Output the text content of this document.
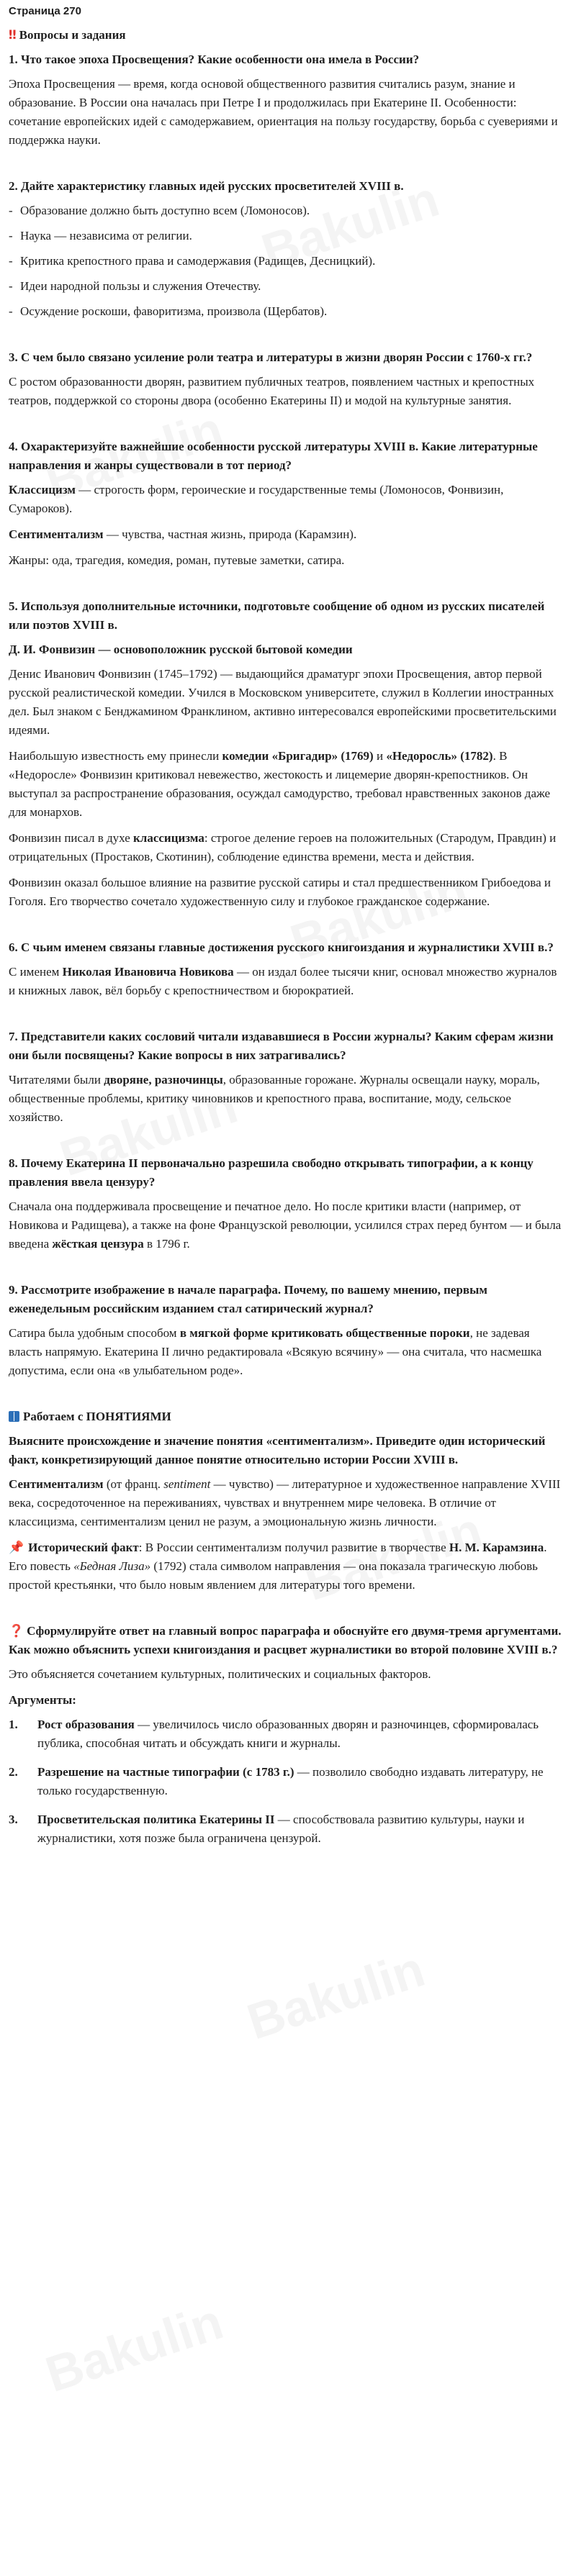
Страница 270
‼ Вопросы и задания
1. Что такое эпоха Просвещения? Какие особенности она имела в России?

Эпоха Просвещения — время, когда основой общественного развития считались разум, знание и образование. В России она началась при Петре I и продолжилась при Екатерине II. Особенности: сочетание европейских идей с самодержавием, ориентация на пользу государству, борьба с суевериями и поддержка науки.

2. Дайте характеристику главных идей русских просветителей XVIII в.
- Образование должно быть доступно всем (Ломоносов).
- Наука — независима от религии.
- Критика крепостного права и самодержавия (Радищев, Десницкий).
- Идеи народной пользы и служения Отечеству.
- Осуждение роскоши, фаворитизма, произвола (Щербатов).
3. С чем было связано усиление роли театра и литературы в жизни дворян России с 1760-х гг.?

С ростом образованности дворян, развитием публичных театров, появлением частных и крепостных театров, поддержкой со стороны двора (особенно Екатерины II) и модой на культурные занятия.

4. Охарактеризуйте важнейшие особенности русской литературы XVIII в. Какие литературные направления и жанры существовали в тот период?

Классицизм — строгость форм, героические и государственные темы (Ломоносов, Фонвизин, Сумароков).

Сентиментализм — чувства, частная жизнь, природа (Карамзин).

Жанры: ода, трагедия, комедия, роман, путевые заметки, сатира.

5. Используя дополнительные источники, подготовьте сообщение об одном из русских писателей или поэтов XVIII в.
Д. И. Фонвизин — основоположник русской бытовой комедии

Денис Иванович Фонвизин (1745–1792) — выдающийся драматург эпохи Просвещения, автор первой русской реалистической комедии. Учился в Московском университете, служил в Коллегии иностранных дел. Был знаком с Бенджамином Франклином, активно интересовался европейскими просветительскими идеями.

Наибольшую известность ему принесли комедии «Бригадир» (1769) и «Недоросль» (1782). В «Недоросле» Фонвизин критиковал невежество, жестокость и лицемерие дворян-крепостников. Он выступал за распространение образования, осуждал самодурство, требовал нравственных законов даже для монархов.

Фонвизин писал в духе классицизма: строгое деление героев на положительных (Стародум, Правдин) и отрицательных (Простаков, Скотинин), соблюдение единства времени, места и действия.

Фонвизин оказал большое влияние на развитие русской сатиры и стал предшественником Грибоедова и Гоголя. Его творчество сочетало художественную силу и глубокое гражданское содержание.

6. С чьим именем связаны главные достижения русского книгоиздания и журналистики XVIII в.?

С именем Николая Ивановича Новикова — он издал более тысячи книг, основал множество журналов и книжных лавок, вёл борьбу с крепостничеством и бюрократией.

7. Представители каких сословий читали издававшиеся в России журналы? Каким сферам жизни они были посвящены? Какие вопросы в них затрагивались?

Читателями были дворяне, разночинцы, образованные горожане. Журналы освещали науку, мораль, общественные проблемы, критику чиновников и крепостного права, воспитание, моду, сельское хозяйство.

8. Почему Екатерина II первоначально разрешила свободно открывать типографии, а к концу правления ввела цензуру?

Сначала она поддерживала просвещение и печатное дело. Но после критики власти (например, от Новикова и Радищева), а также на фоне Французской революции, усилился страх перед бунтом — и была введена жёсткая цензура в 1796 г.

9. Рассмотрите изображение в начале параграфа. Почему, по вашему мнению, первым еженедельным российским изданием стал сатирический журнал?

Сатира была удобным способом в мягкой форме критиковать общественные пороки, не задевая власть напрямую. Екатерина II лично редактировала «Всякую всячину» — она считала, что насмешка допустима, если она «в улыбательном роде».

Работаем с ПОНЯТИЯМИ
Выясните происхождение и значение понятия «сентиментализм». Приведите один исторический факт, конкретизирующий данное понятие относительно истории России XVIII в.

Сентиментализм (от франц. sentiment — чувство) — литературное и художественное направление XVIII века, сосредоточенное на переживаниях, чувствах и внутреннем мире человека. В отличие от классицизма, сентиментализм ценил не разум, а эмоциональную жизнь личности.

📌 Исторический факт: В России сентиментализм получил развитие в творчестве Н. М. Карамзина. Его повесть «Бедная Лиза» (1792) стала символом направления — она показала трагическую любовь простой крестьянки, что было новым явлением для литературы того времени.

❓ Сформулируйте ответ на главный вопрос параграфа и обоснуйте его двумя-тремя аргументами. Как можно объяснить успехи книгоиздания и расцвет журналистики во второй половине XVIII в.?

Это объясняется сочетанием культурных, политических и социальных факторов.

Аргументы:
1. Рост образования — увеличилось число образованных дворян и разночинцев, сформировалась публика, способная читать и обсуждать книги и журналы.
2. Разрешение на частные типографии (с 1783 г.) — позволило свободно издавать литературу, не только государственную.
3. Просветительская политика Екатерины II — способствовала развитию культуры, науки и журналистики, хотя позже была ограничена цензурой.
